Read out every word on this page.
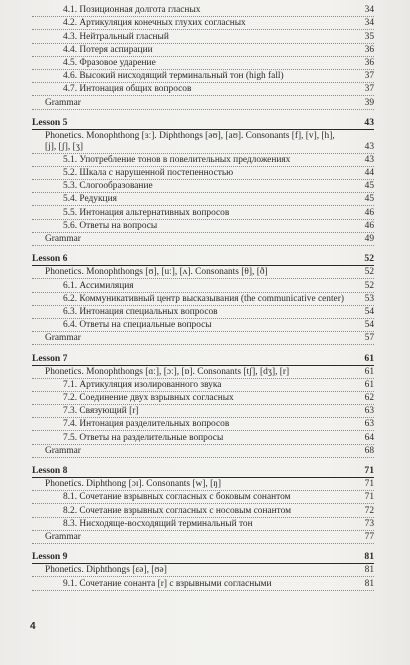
4.1. Позиционная долгота гласных	34
4.2. Артикуляция конечных глухих согласных	34
4.3. Нейтральный гласный	35
4.4. Потеря аспирации	36
4.5. Фразовое ударение	36
4.6. Высокий нисходящий терминальный тон (high fall)	37
4.7. Интонация общих вопросов	37
Grammar	39
Lesson 5	43
Phonetics. Monophthong [ɜː]. Diphthongs [əʊ], [aʊ]. Consonants [f], [v], [h], [j], [ʃ], [ʒ]	43
5.1. Употребление тонов в повелительных предложениях	43
5.2. Шкала с нарушенной постепенностью	44
5.3. Слогообразование	45
5.4. Редукция	45
5.5. Интонация альтернативных вопросов	46
5.6. Ответы на вопросы	46
Grammar	49
Lesson 6	52
Phonetics. Monophthongs [ʊ], [uː], [ʌ]. Consonants [θ], [ð]	52
6.1. Ассимиляция	52
6.2. Коммуникативный центр высказывания (the communicative center) 53
6.3. Интонация специальных вопросов	54
6.4. Ответы на специальные вопросы	54
Grammar	57
Lesson 7	61
Phonetics. Monophthongs [ɑː], [ɔː], [ɒ]. Consonants [tʃ], [dʒ], [r]	61
7.1. Артикуляция изолированного звука	61
7.2. Соединение двух взрывных согласных	62
7.3. Связующий [r]	63
7.4. Интонация разделительных вопросов	63
7.5. Ответы на разделительные вопросы	64
Grammar	68
Lesson 8	71
Phonetics. Diphthong [ɔɪ]. Consonants [w], [ŋ]	71
8.1. Сочетание взрывных согласных с боковым сонантом	71
8.2. Сочетание взрывных согласных с носовым сонантом	72
8.3. Нисходяще-восходящий терминальный тон	73
Grammar	77
Lesson 9	81
Phonetics. Diphthongs [ɛə], [ʊə]	81
9.1. Сочетание сонанта [r] с взрывными согласными	81
4
